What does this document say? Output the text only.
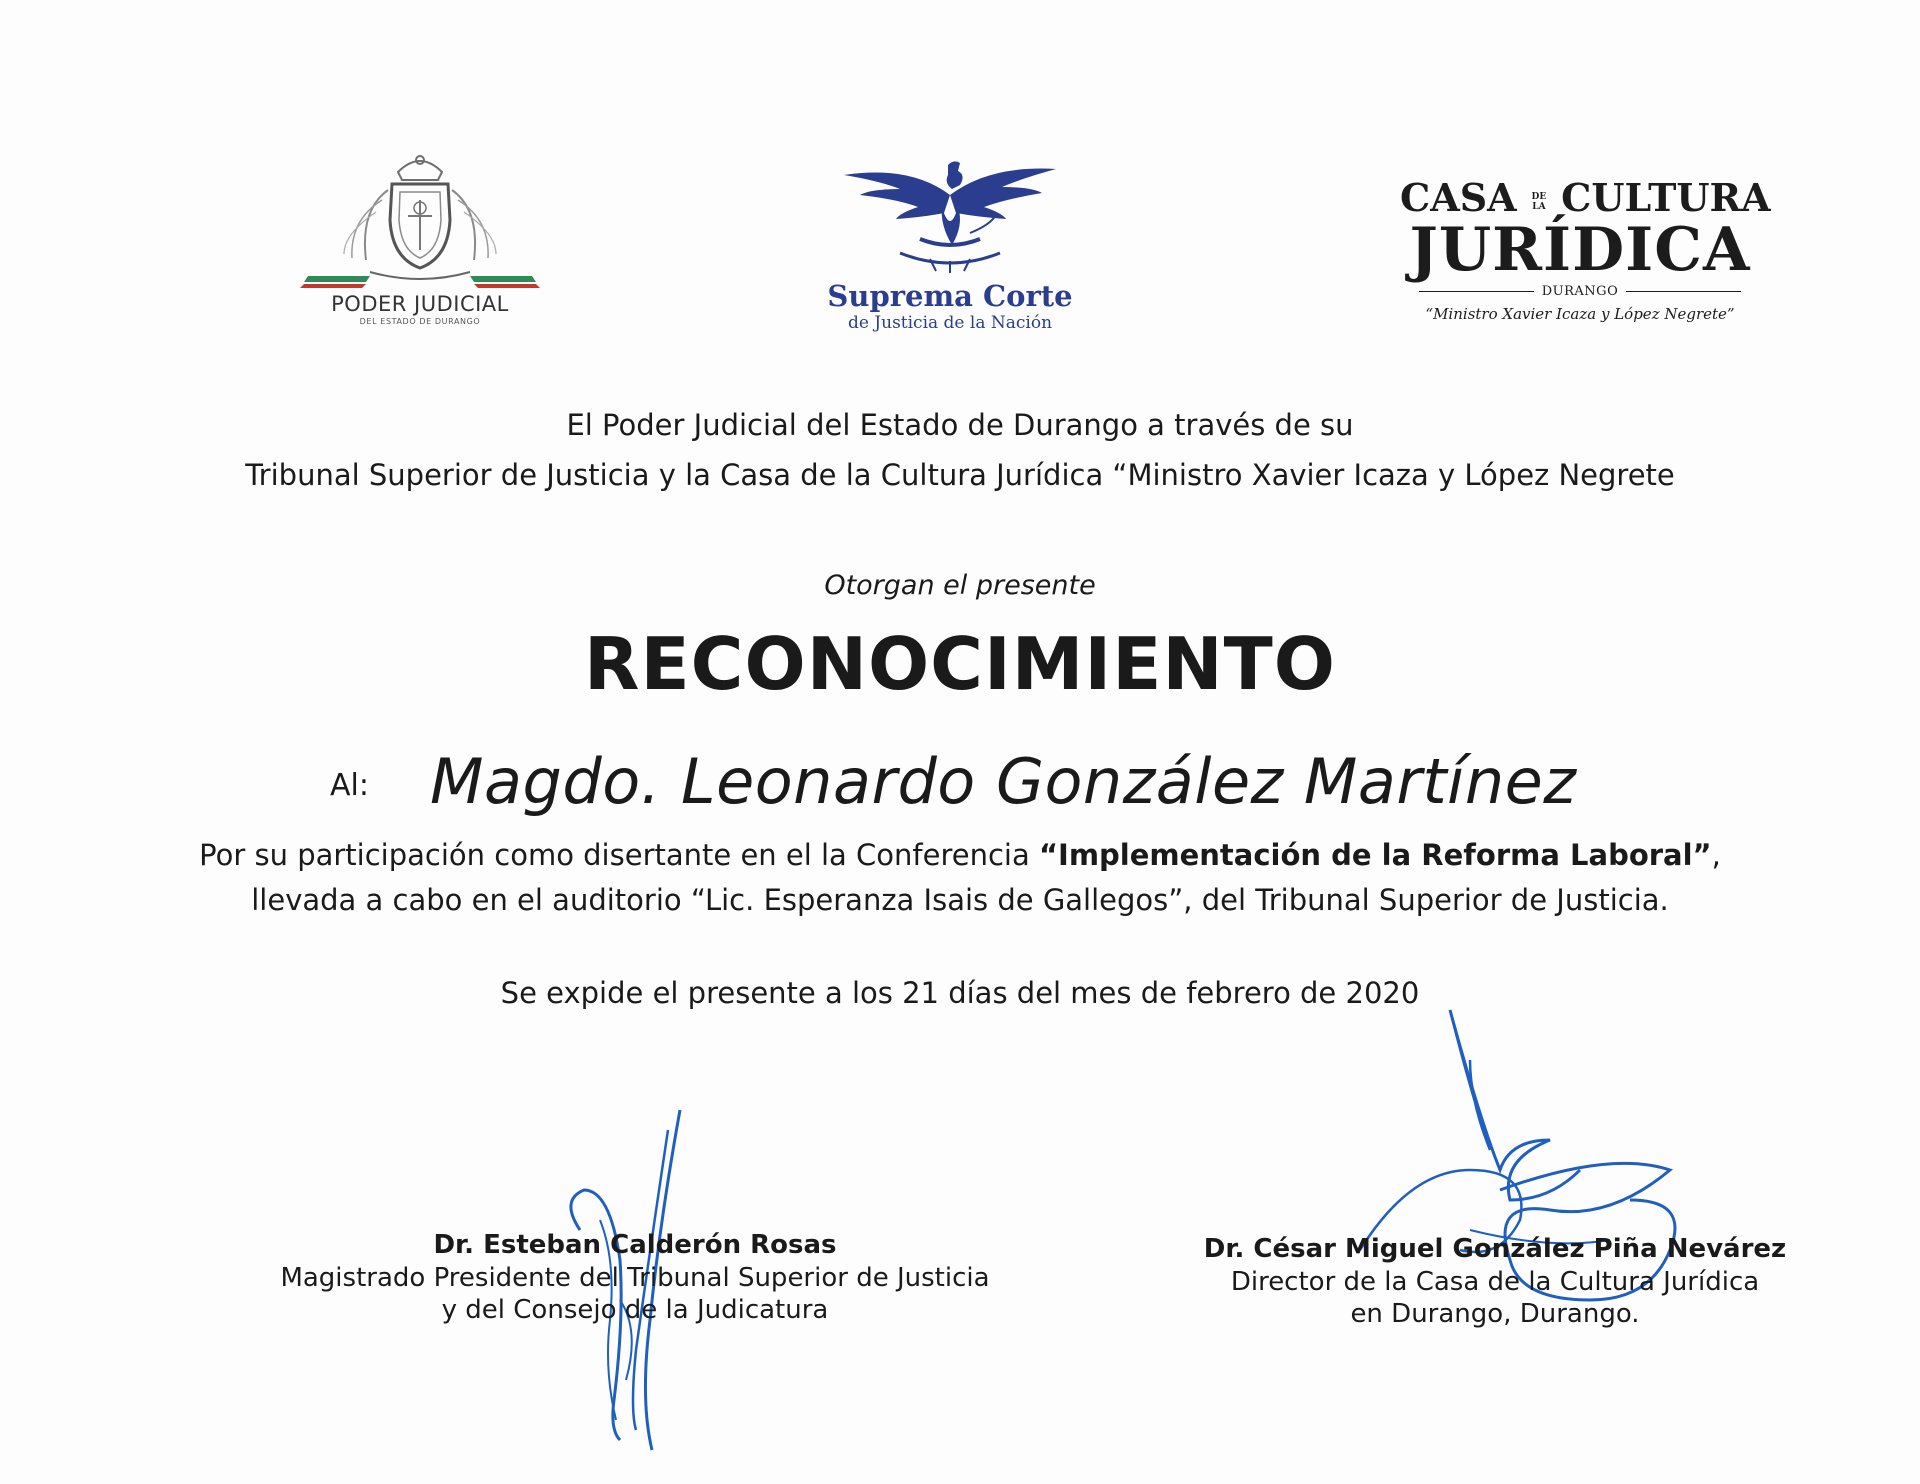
PODER JUDICIAL
DEL ESTADO DE DURANGO
Suprema Corte
de Justicia de la Nación
CASA DE
LA CULTURA
JURÍDICA
DURANGO
“Ministro Xavier Icaza y López Negrete”
El Poder Judicial del Estado de Durango a través de su
Tribunal Superior de Justicia y la Casa de la Cultura Jurídica “Ministro Xavier Icaza y López Negrete
Otorgan el presente
RECONOCIMIENTO
Al: Magdo. Leonardo González Martínez
Por su participación como disertante en el la Conferencia “Implementación de la Reforma Laboral”,
llevada a cabo en el auditorio “Lic. Esperanza Isais de Gallegos”, del Tribunal Superior de Justicia.
Se expide el presente a los 21 días del mes de febrero de 2020
Dr. Esteban Calderón Rosas
Magistrado Presidente del Tribunal Superior de Justicia
y del Consejo de la Judicatura
Dr. César Miguel González Piña Nevárez
Director de la Casa de la Cultura Jurídica
en Durango, Durango.
